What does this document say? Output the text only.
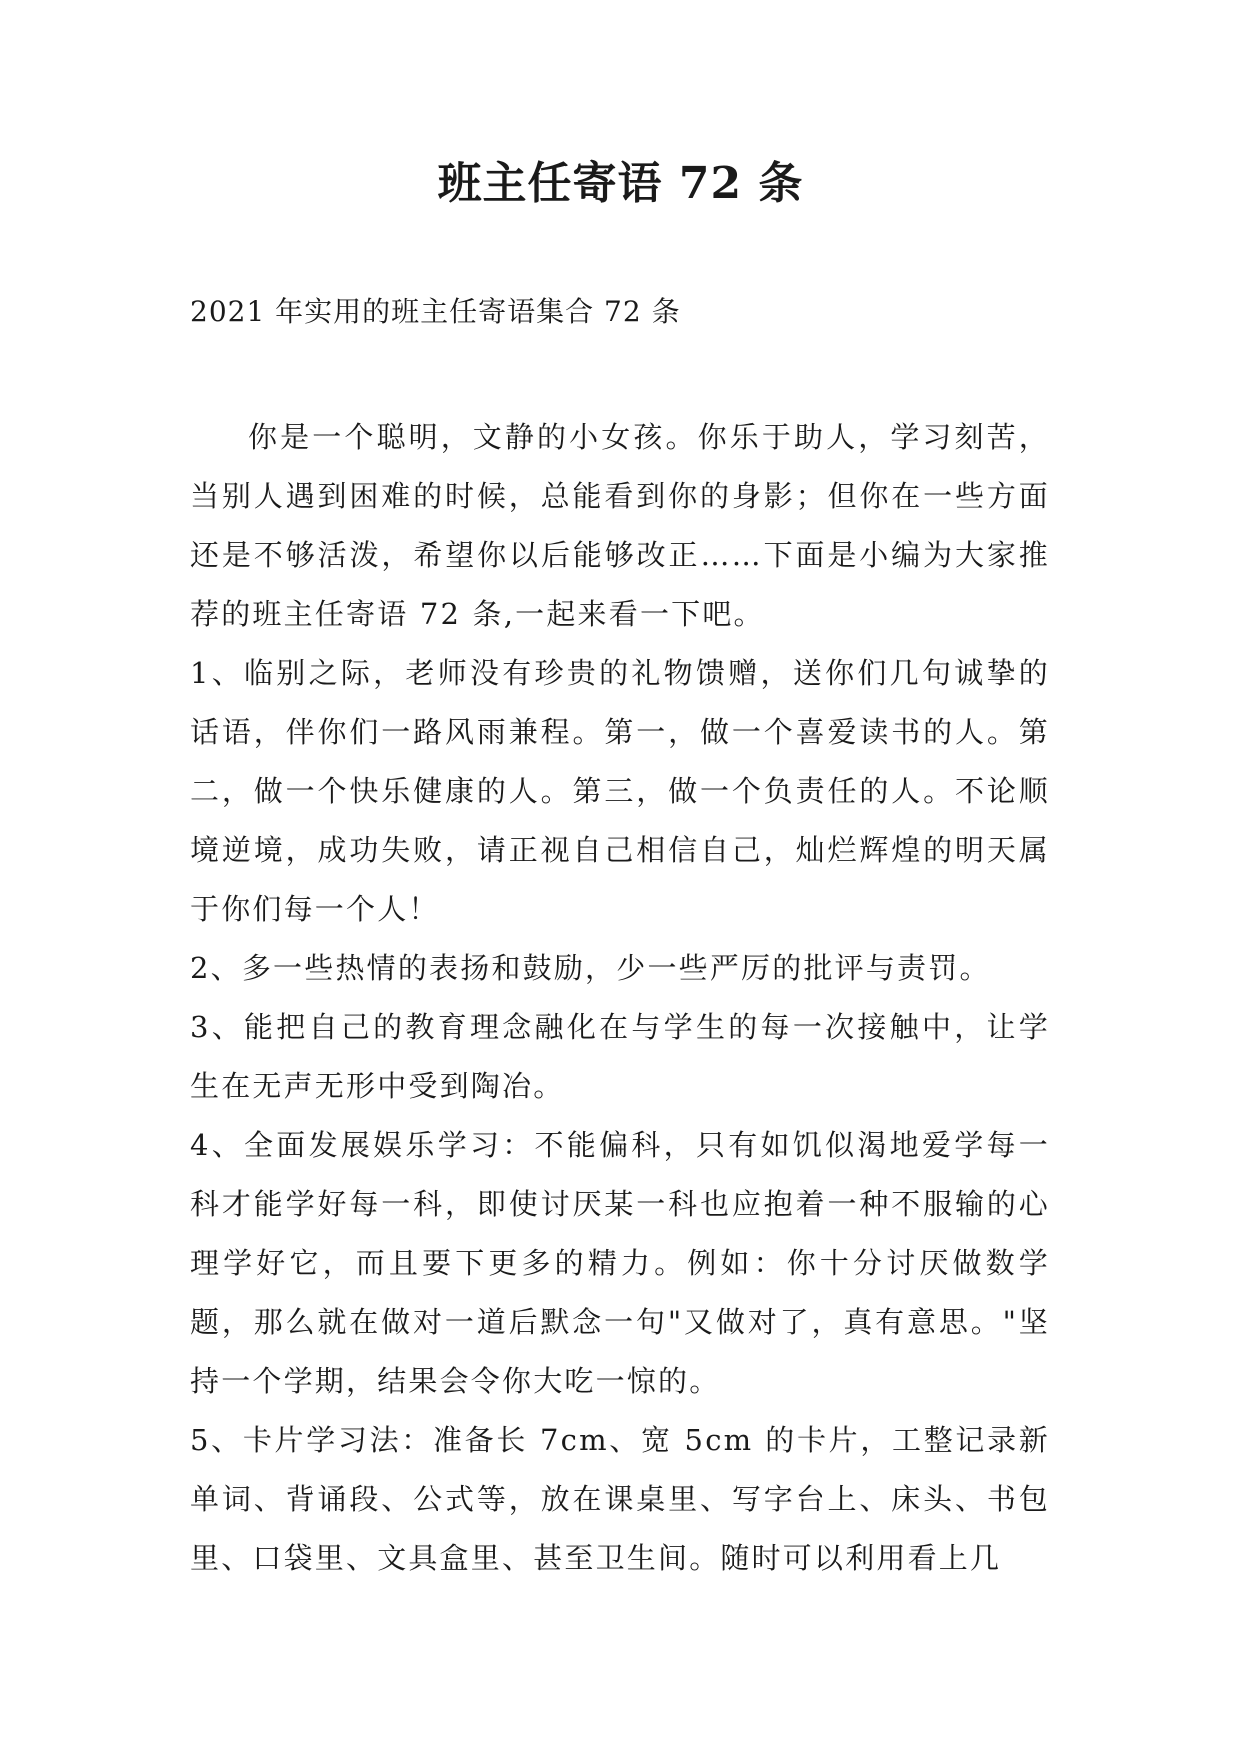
班主任寄语 72 条

2021 年实用的班主任寄语集合 72 条

你是一个聪明，文静的小女孩。你乐于助人，学习刻苦，当别人遇到困难的时候，总能看到你的身影；但你在一些方面还是不够活泼，希望你以后能够改正……下面是小编为大家推荐的班主任寄语 72 条,一起来看一下吧。

1、临别之际，老师没有珍贵的礼物馈赠，送你们几句诚挚的话语，伴你们一路风雨兼程。第一，做一个喜爱读书的人。第二，做一个快乐健康的人。第三，做一个负责任的人。不论顺境逆境，成功失败，请正视自己相信自己，灿烂辉煌的明天属于你们每一个人！

2、多一些热情的表扬和鼓励，少一些严厉的批评与责罚。

3、能把自己的教育理念融化在与学生的每一次接触中，让学生在无声无形中受到陶冶。

4、全面发展娱乐学习：不能偏科，只有如饥似渴地爱学每一科才能学好每一科，即使讨厌某一科也应抱着一种不服输的心理学好它，而且要下更多的精力。例如：你十分讨厌做数学题，那么就在做对一道后默念一句"又做对了，真有意思。"坚持一个学期，结果会令你大吃一惊的。

5、卡片学习法：准备长 7cm、宽 5cm 的卡片，工整记录新单词、背诵段、公式等，放在课桌里、写字台上、床头、书包里、口袋里、文具盒里、甚至卫生间。随时可以利用看上几
